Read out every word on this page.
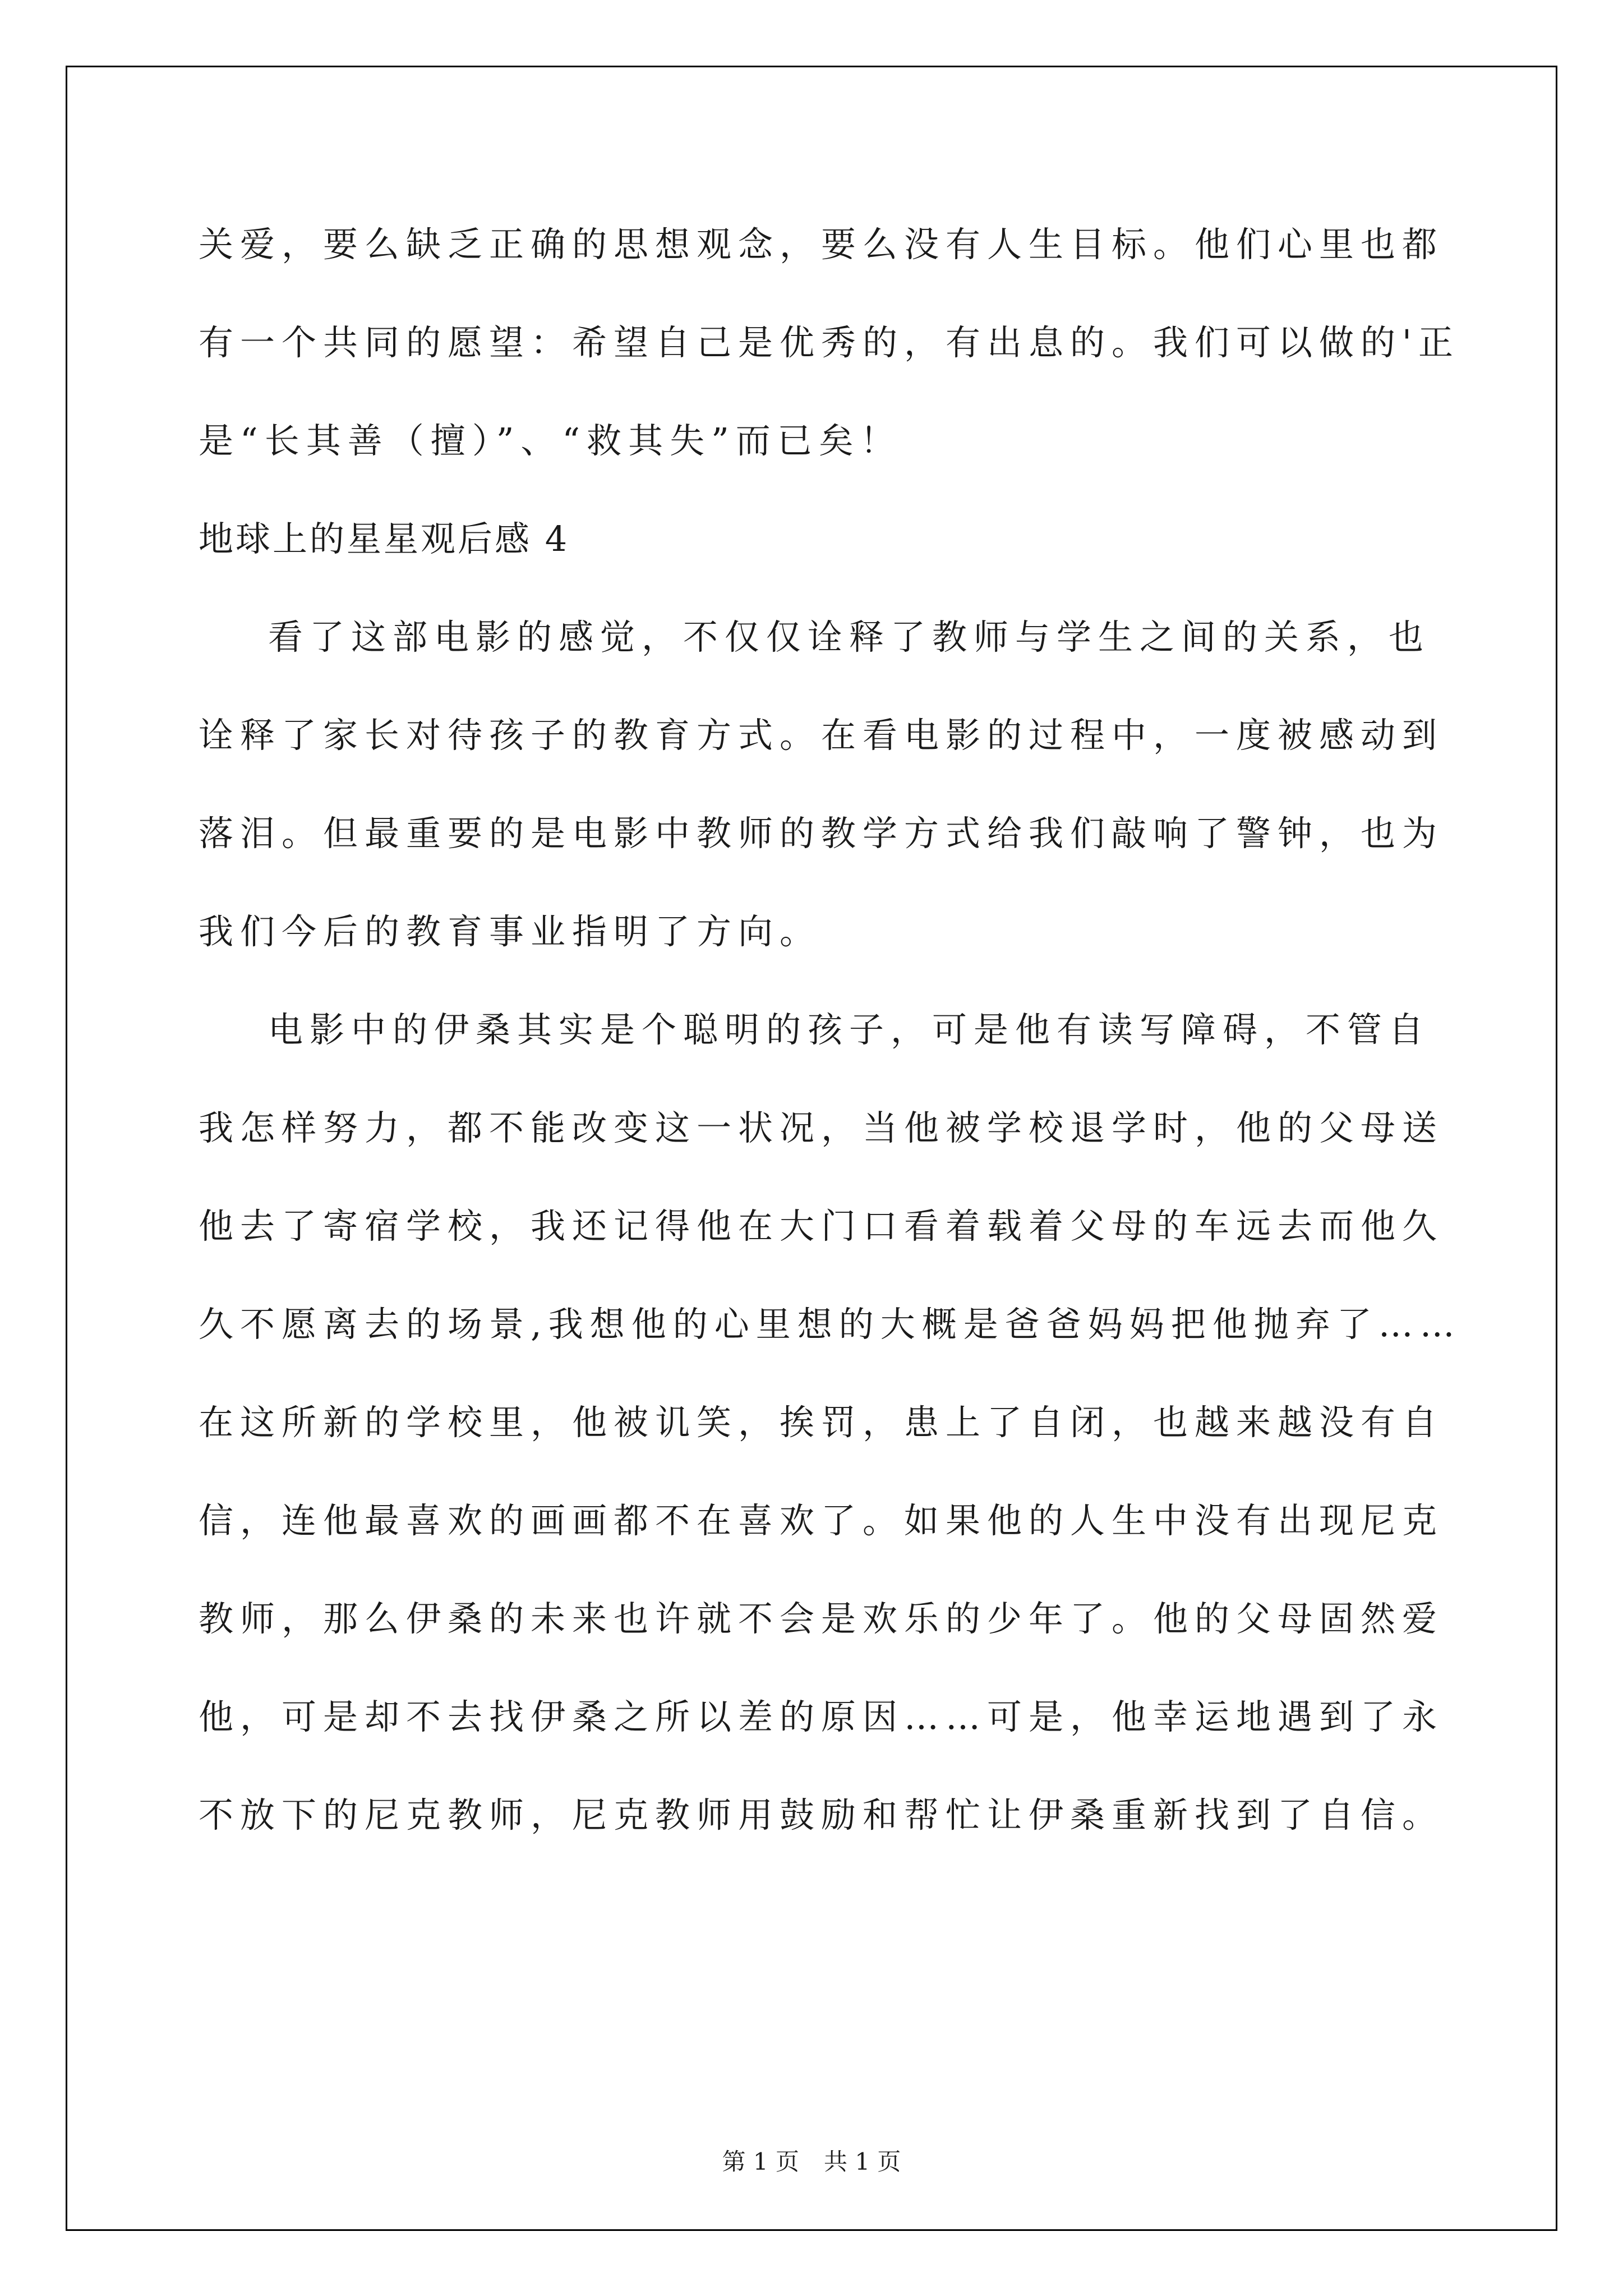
关爱，要么缺乏正确的思想观念，要么没有人生目标。他们心里也都
有一个共同的愿望：希望自己是优秀的，有出息的。我们可以做的'正
是“长其善（擅）”、“救其失”而已矣！
地球上的星星观后感 4
看了这部电影的感觉，不仅仅诠释了教师与学生之间的关系，也
诠释了家长对待孩子的教育方式。在看电影的过程中，一度被感动到
落泪。但最重要的是电影中教师的教学方式给我们敲响了警钟，也为
我们今后的教育事业指明了方向。
电影中的伊桑其实是个聪明的孩子，可是他有读写障碍，不管自
我怎样努力，都不能改变这一状况，当他被学校退学时，他的父母送
他去了寄宿学校，我还记得他在大门口看着载着父母的车远去而他久
久不愿离去的场景,我想他的心里想的大概是爸爸妈妈把他抛弃了……
在这所新的学校里，他被讥笑，挨罚，患上了自闭，也越来越没有自
信，连他最喜欢的画画都不在喜欢了。如果他的人生中没有出现尼克
教师，那么伊桑的未来也许就不会是欢乐的少年了。他的父母固然爱
他，可是却不去找伊桑之所以差的原因……可是，他幸运地遇到了永
不放下的尼克教师，尼克教师用鼓励和帮忙让伊桑重新找到了自信。
第 1 页 共 1 页
